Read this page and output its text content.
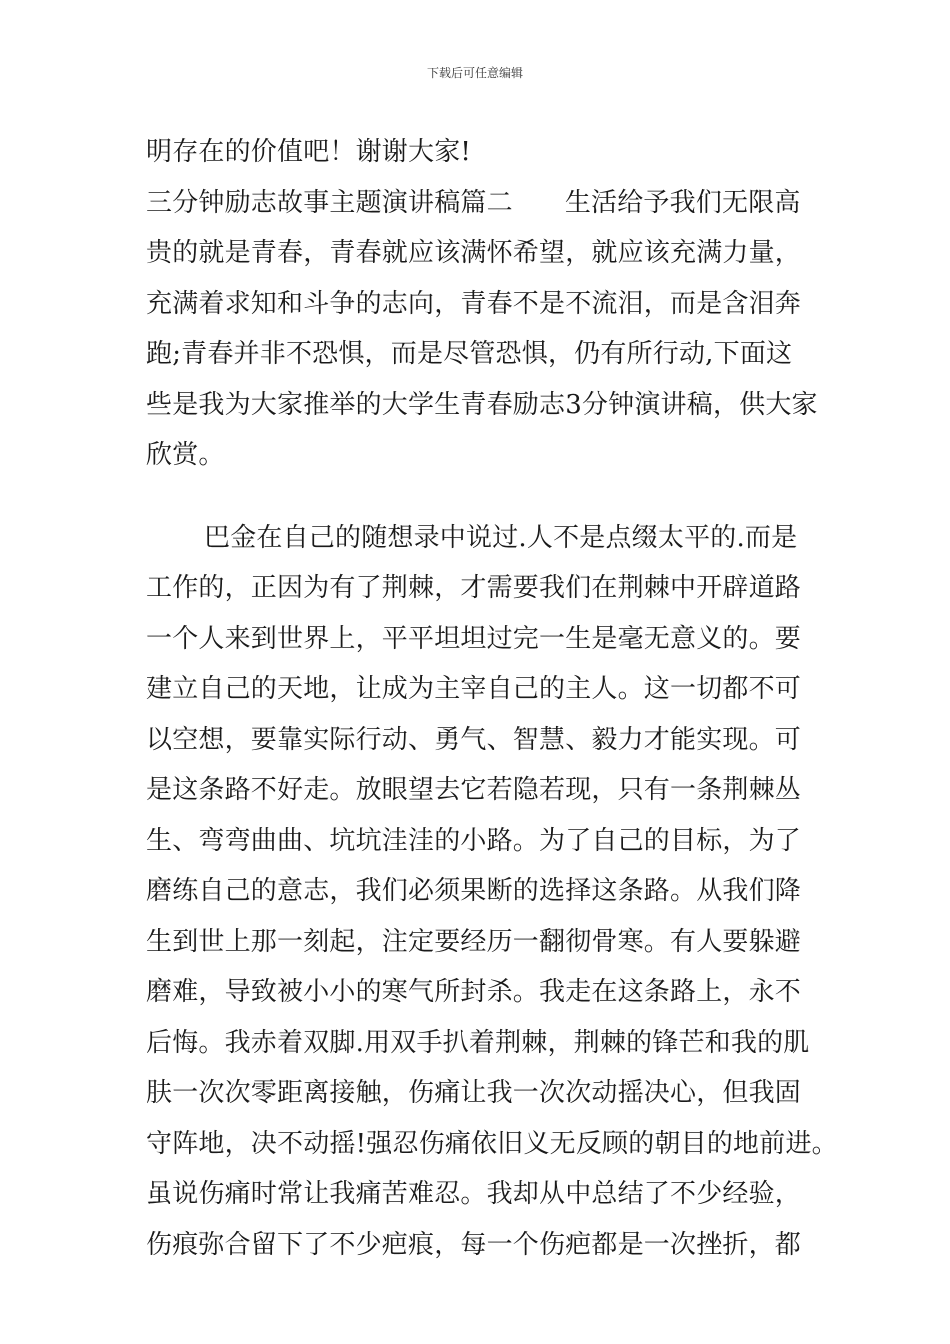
下载后可任意编辑
明存在的价值吧！谢谢大家!
三分钟励志故事主题演讲稿篇二 生活给予我们无限高
贵的就是青春，青春就应该满怀希望，就应该充满力量，
充满着求知和斗争的志向，青春不是不流泪，而是含泪奔
跑;青春并非不恐惧，而是尽管恐惧，仍有所行动,下面这
些是我为大家推举的大学生青春励志3分钟演讲稿，供大家
欣赏。
巴金在自己的随想录中说过.人不是点缀太平的.而是
工作的，正因为有了荆棘，才需要我们在荆棘中开辟道路
一个人来到世界上，平平坦坦过完一生是毫无意义的。要
建立自己的天地，让成为主宰自己的主人。这一切都不可
以空想，要靠实际行动、勇气、智慧、毅力才能实现。可
是这条路不好走。放眼望去它若隐若现，只有一条荆棘丛
生、弯弯曲曲、坑坑洼洼的小路。为了自己的目标，为了
磨练自己的意志，我们必须果断的选择这条路。从我们降
生到世上那一刻起，注定要经历一翻彻骨寒。有人要躲避
磨难，导致被小小的寒气所封杀。我走在这条路上，永不
后悔。我赤着双脚.用双手扒着荆棘，荆棘的锋芒和我的肌
肤一次次零距离接触，伤痛让我一次次动摇决心，但我固
守阵地，决不动摇!强忍伤痛依旧义无反顾的朝目的地前进。
虽说伤痛时常让我痛苦难忍。我却从中总结了不少经验，
伤痕弥合留下了不少疤痕，每一个伤疤都是一次挫折，都
